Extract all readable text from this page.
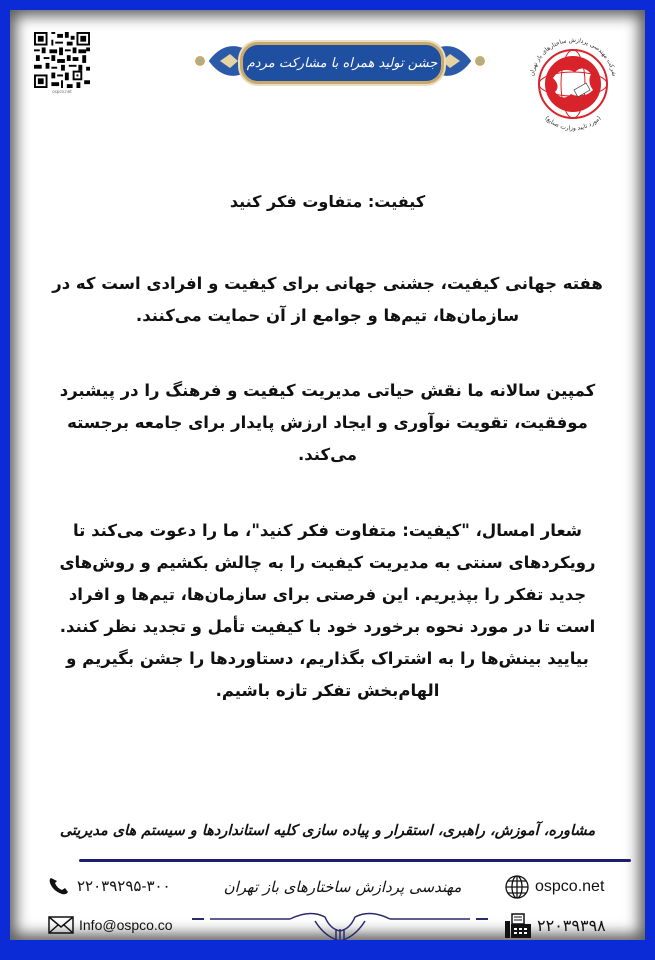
ospco.net
جشن تولید همراه با مشارکت مردم
شرکت مهندسی پردازش ساختارهای باز تهران
(مورد تایید وزارت صنایع)
کیفیت: متفاوت فکر کنید
هفته جهانی کیفیت، جشنی جهانی برای کیفیت و افرادی است که در سازمان‌ها، تیم‌ها و جوامع از آن حمایت می‌کنند.
کمپین سالانه ما نقش حیاتی مدیریت کیفیت و فرهنگ را در پیشبرد موفقیت، تقویت نوآوری و ایجاد ارزش پایدار برای جامعه برجسته می‌کند.
شعار امسال، "کیفیت: متفاوت فکر کنید"، ما را دعوت می‌کند تا رویکردهای سنتی به مدیریت کیفیت را به چالش بکشیم و روش‌های جدید تفکر را بپذیریم. این فرصتی برای سازمان‌ها، تیم‌ها و افراد است تا در مورد نحوه برخورد خود با کیفیت تأمل و تجدید نظر کنند. بیایید بینش‌ها را به اشتراک بگذاریم، دستاوردها را جشن بگیریم و الهام‌بخش تفکر تازه باشیم.
مشاوره، آموزش، راهبری، استقرار و پیاده سازی کلیه استانداردها و سیستم های مدیریتی
۲۲۰۳۹۲۹۵-۳۰۰
Info@ospco.co
مهندسی پردازش ساختارهای باز تهران	ospco.net
۲۲۰۳۹۳۹۸
